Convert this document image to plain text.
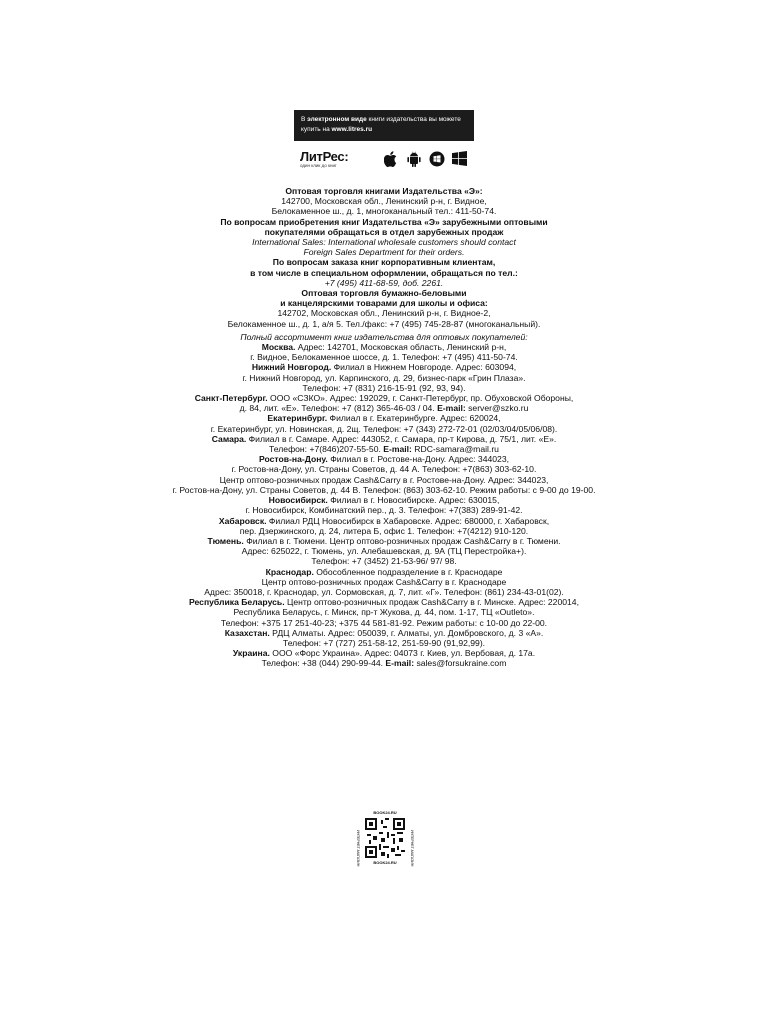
В электронном виде книги издательства вы можете
купить на www.litres.ru
ЛитРес:
один клик до книг
Оптовая торговля книгами Издательства «Э»:
142700, Московская обл., Ленинский р-н, г. Видное,
Белокаменное ш., д. 1, многоканальный тел.: 411-50-74.
По вопросам приобретения книг Издательства «Э» зарубежными оптовыми
покупателями обращаться в отдел зарубежных продаж
International Sales: International wholesale customers should contact
Foreign Sales Department for their orders.
По вопросам заказа книг корпоративным клиентам,
в том числе в специальном оформлении, обращаться по тел.:
+7 (495) 411-68-59, доб. 2261.
Оптовая торговля бумажно-беловыми
и канцелярскими товарами для школы и офиса:
142702, Московская обл., Ленинский р-н, г. Видное-2,
Белокаменное ш., д. 1, а/я 5. Тел./факс: +7 (495) 745-28-87 (многоканальный).
Полный ассортимент книг издательства для оптовых покупателей:
Москва. Адрес: 142701, Московская область, Ленинский р-н,
г. Видное, Белокаменное шоссе, д. 1. Телефон: +7 (495) 411-50-74.
Нижний Новгород. Филиал в Нижнем Новгороде. Адрес: 603094,
г. Нижний Новгород, ул. Карпинского, д. 29, бизнес-парк «Грин Плаза».
Телефон: +7 (831) 216-15-91 (92, 93, 94).
Санкт-Петербург. ООО «СЗКО». Адрес: 192029, г. Санкт-Петербург, пр. Обуховской Обороны,
д. 84, лит. «Е». Телефон: +7 (812) 365-46-03 / 04. E-mail: server@szko.ru
Екатеринбург. Филиал в г. Екатеринбурге. Адрес: 620024,
г. Екатеринбург, ул. Новинская, д. 2щ. Телефон: +7 (343) 272-72-01 (02/03/04/05/06/08).
Самара. Филиал в г. Самаре. Адрес: 443052, г. Самара, пр-т Кирова, д. 75/1, лит. «Е».
Телефон: +7(846)207-55-50. E-mail: RDC-samara@mail.ru
Ростов-на-Дону. Филиал в г. Ростове-на-Дону. Адрес: 344023,
г. Ростов-на-Дону, ул. Страны Советов, д. 44 А. Телефон: +7(863) 303-62-10.
Центр оптово-розничных продаж Cash&Carry в г. Ростове-на-Дону. Адрес: 344023,
г. Ростов-на-Дону, ул. Страны Советов, д. 44 В. Телефон: (863) 303-62-10. Режим работы: с 9-00 до 19-00.
Новосибирск. Филиал в г. Новосибирске. Адрес: 630015,
г. Новосибирск, Комбинатский пер., д. 3. Телефон: +7(383) 289-91-42.
Хабаровск. Филиал РДЦ Новосибирск в Хабаровске. Адрес: 680000, г. Хабаровск,
пер. Дзержинского, д. 24, литера Б, офис 1. Телефон: +7(4212) 910-120.
Тюмень. Филиал в г. Тюмени. Центр оптово-розничных продаж Cash&Carry в г. Тюмени.
Адрес: 625022, г. Тюмень, ул. Алебашевская, д. 9А (ТЦ Перестройка+).
Телефон: +7 (3452) 21-53-96/ 97/ 98.
Краснодар. Обособленное подразделение в г. Краснодаре
Центр оптово-розничных продаж Cash&Carry в г. Краснодаре
Адрес: 350018, г. Краснодар, ул. Сормовская, д. 7, лит. «Г». Телефон: (861) 234-43-01(02).
Республика Беларусь. Центр оптово-розничных продаж Cash&Carry в г. Минске. Адрес: 220014,
Республика Беларусь, г. Минск, пр-т Жукова, д. 44, пом. 1-17, ТЦ «Outleto».
Телефон: +375 17 251-40-23; +375 44 581-81-92. Режим работы: с 10-00 до 22-00.
Казахстан. РДЦ Алматы. Адрес: 050039, г. Алматы, ул. Домбровского, д. 3 «А».
Телефон: +7 (727) 251-58-12, 251-59-90 (91,92,99).
Украина. ООО «Форс Украина». Адрес: 04073 г. Киев, ул. Вербовая, д. 17а.
Телефон: +38 (044) 290-99-44. E-mail: sales@forsukraine.com
BOOK24.RU
ИНТЕРНЕТ-МАГАЗИН	ИНТЕРНЕТ-МАГАЗИН
BOOK24.RU
